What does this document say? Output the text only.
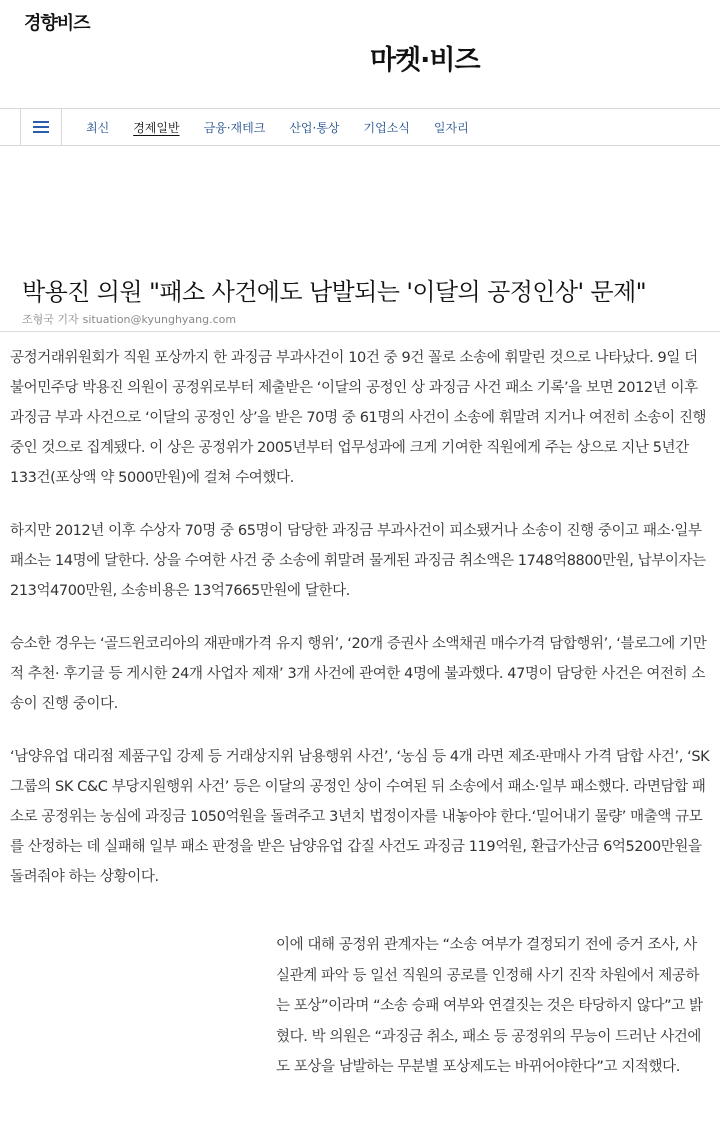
경향비즈
마켓·비즈
최신 경제일반 금융·재테크 산업·통상 기업소식 일자리
박용진 의원 "패소 사건에도 남발되는 '이달의 공정인상' 문제"
조형국 기자 situation@kyunghyang.com

공정거래위원회가 직원 포상까지 한 과징금 부과사건이 10건 중 9건 꼴로 소송에 휘말린 것으로 나타났다. 9일 더불어민주당 박용진 의원이 공정위로부터 제출받은 ‘이달의 공정인 상 과징금 사건 패소 기록’을 보면 2012년 이후 과징금 부과 사건으로 ‘이달의 공정인 상’을 받은 70명 중 61명의 사건이 소송에 휘말려 지거나 여전히 소송이 진행 중인 것으로 집계됐다. 이 상은 공정위가 2005년부터 업무성과에 크게 기여한 직원에게 주는 상으로 지난 5년간 133건(포상액 약 5000만원)에 걸쳐 수여했다.

하지만 2012년 이후 수상자 70명 중 65명이 담당한 과징금 부과사건이 피소됐거나 소송이 진행 중이고 패소·일부 패소는 14명에 달한다. 상을 수여한 사건 중 소송에 휘말려 물게된 과징금 취소액은 1748억8800만원, 납부이자는 213억4700만원, 소송비용은 13억7665만원에 달한다.

승소한 경우는 ‘골드윈코리아의 재판매가격 유지 행위’, ‘20개 증권사 소액채권 매수가격 담합행위’, ‘블로그에 기만적 추천· 후기글 등 게시한 24개 사업자 제재’ 3개 사건에 관여한 4명에 불과했다. 47명이 담당한 사건은 여전히 소송이 진행 중이다.

‘남양유업 대리점 제품구입 강제 등 거래상지위 남용행위 사건’, ‘농심 등 4개 라면 제조·판매사 가격 담합 사건’, ‘SK그룹의 SK C&C 부당지원행위 사건’ 등은 이달의 공정인 상이 수여된 뒤 소송에서 패소·일부 패소했다. 라면담합 패소로 공정위는 농심에 과징금 1050억원을 돌려주고 3년치 법정이자를 내놓아야 한다.‘밀어내기 물량’ 매출액 규모를 산정하는 데 실패해 일부 패소 판정을 받은 남양유업 갑질 사건도 과징금 119억원, 환급가산금 6억5200만원을 돌려줘야 하는 상황이다.

이에 대해 공정위 관계자는 “소송 여부가 결정되기 전에 증거 조사, 사실관계 파악 등 일선 직원의 공로를 인정해 사기 진작 차원에서 제공하는 포상”이라며 “소송 승패 여부와 연결짓는 것은 타당하지 않다”고 밝혔다. 박 의원은 “과징금 취소, 패소 등 공정위의 무능이 드러난 사건에도 포상을 남발하는 무분별 포상제도는 바뀌어야한다”고 지적했다.
